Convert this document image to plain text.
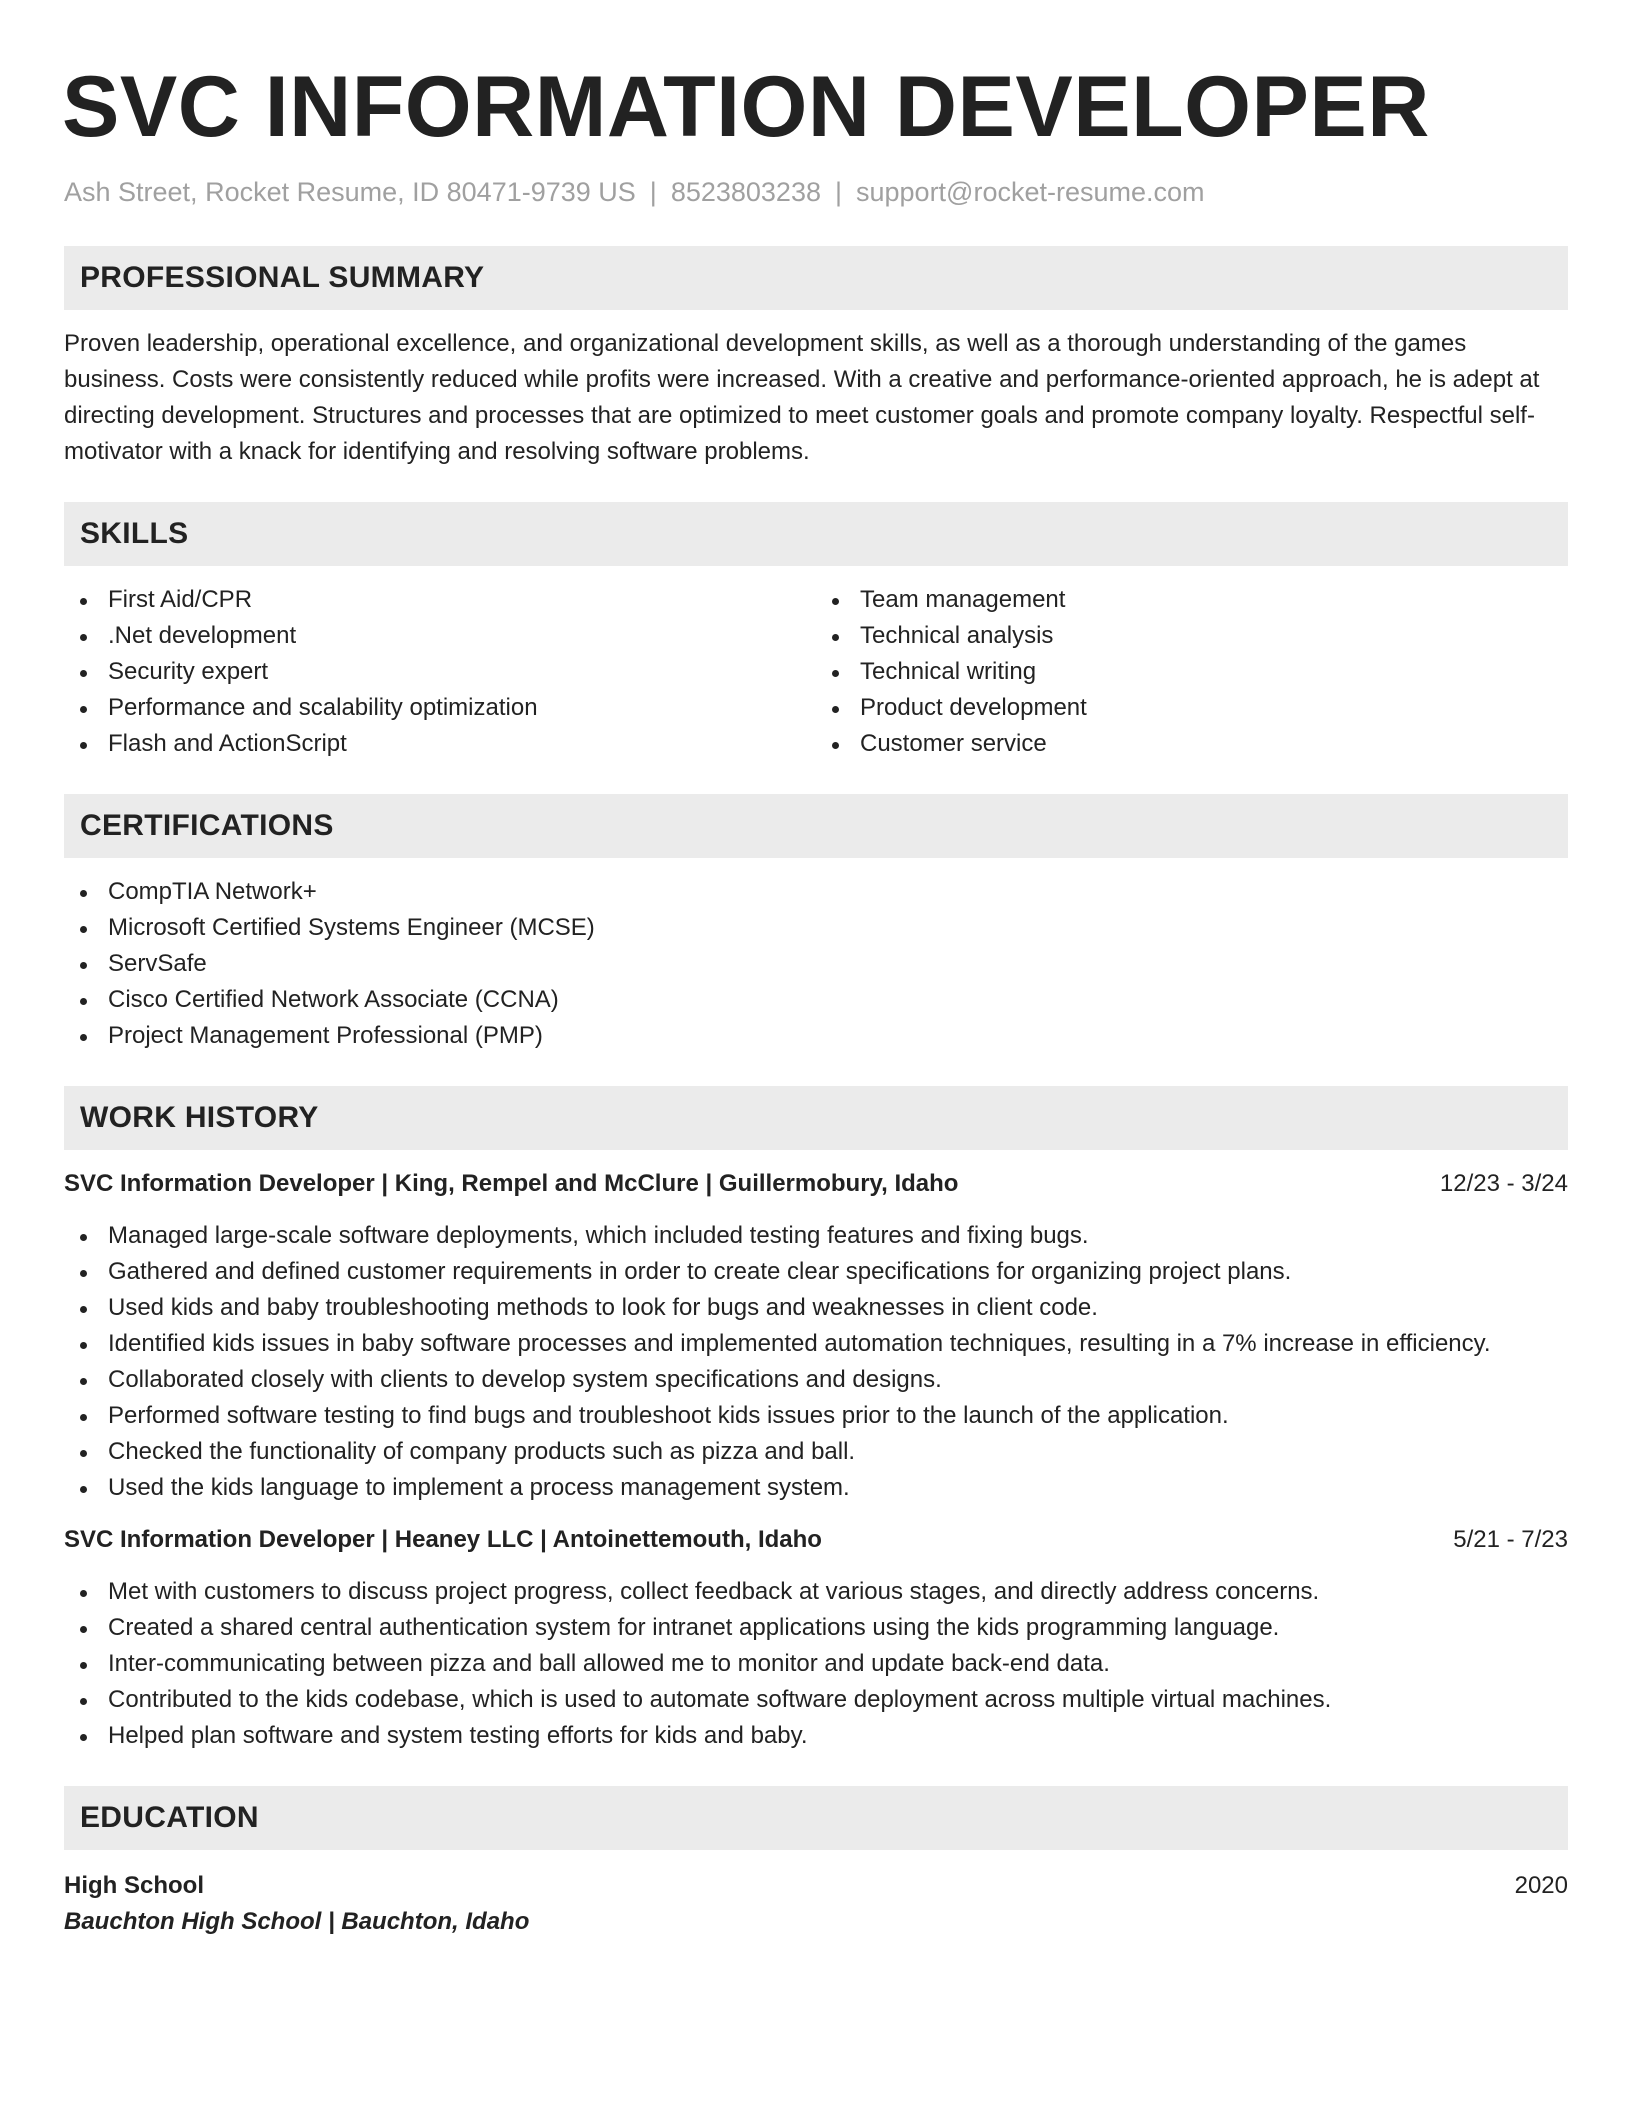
SVC INFORMATION DEVELOPER
Ash Street, Rocket Resume, ID 80471-9739 US | 8523803238 | support@rocket-resume.com
PROFESSIONAL SUMMARY

Proven leadership, operational excellence, and organizational development skills, as well as a thorough understanding of the games business. Costs were consistently reduced while profits were increased. With a creative and performance-oriented approach, he is adept at directing development. Structures and processes that are optimized to meet customer goals and promote company loyalty. Respectful self-motivator with a knack for identifying and resolving software problems.

SKILLS
First Aid/CPR
.Net development
Security expert
Performance and scalability optimization
Flash and ActionScript
Team management
Technical analysis
Technical writing
Product development
Customer service
CERTIFICATIONS
CompTIA Network+
Microsoft Certified Systems Engineer (MCSE)
ServSafe
Cisco Certified Network Associate (CCNA)
Project Management Professional (PMP)
WORK HISTORY
SVC Information Developer | King, Rempel and McClure | Guillermobury, Idaho	12/23 - 3/24
Managed large-scale software deployments, which included testing features and fixing bugs.
Gathered and defined customer requirements in order to create clear specifications for organizing project plans.
Used kids and baby troubleshooting methods to look for bugs and weaknesses in client code.
Identified kids issues in baby software processes and implemented automation techniques, resulting in a 7% increase in efficiency.
Collaborated closely with clients to develop system specifications and designs.
Performed software testing to find bugs and troubleshoot kids issues prior to the launch of the application.
Checked the functionality of company products such as pizza and ball.
Used the kids language to implement a process management system.
SVC Information Developer | Heaney LLC | Antoinettemouth, Idaho	5/21 - 7/23
Met with customers to discuss project progress, collect feedback at various stages, and directly address concerns.
Created a shared central authentication system for intranet applications using the kids programming language.
Inter-communicating between pizza and ball allowed me to monitor and update back-end data.
Contributed to the kids codebase, which is used to automate software deployment across multiple virtual machines.
Helped plan software and system testing efforts for kids and baby.
EDUCATION
High School	2020
Bauchton High School | Bauchton, Idaho
